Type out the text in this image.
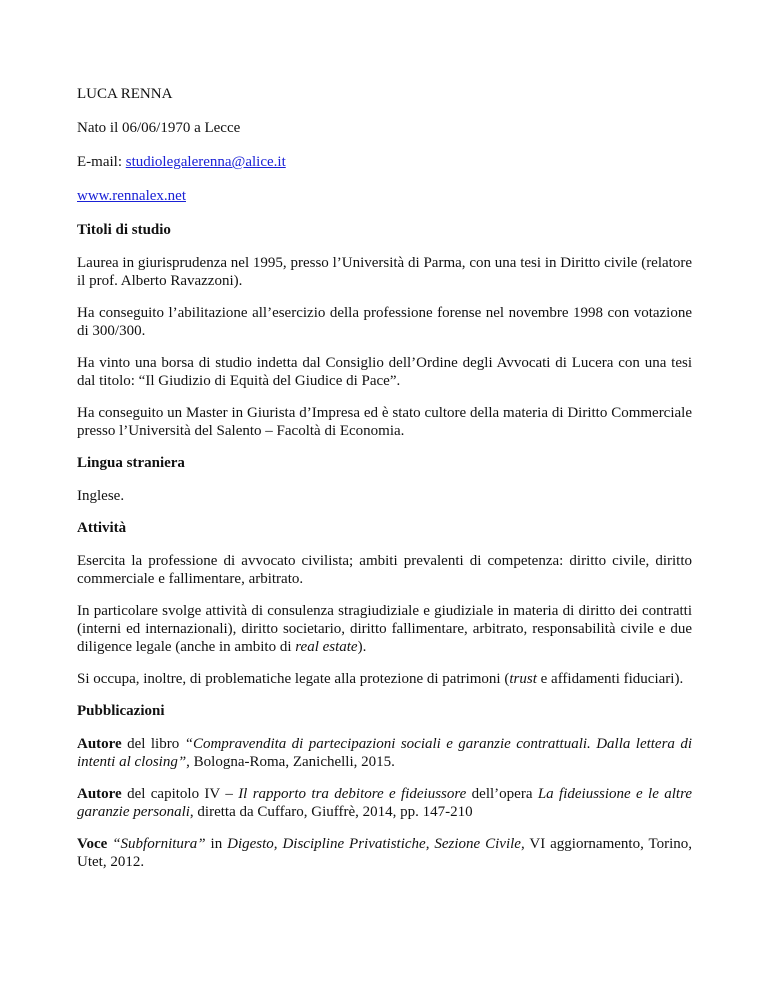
LUCA RENNA

Nato il 06/06/1970 a Lecce

E-mail: studiolegalerenna@alice.it

www.rennalex.net

Titoli di studio

Laurea in giurisprudenza nel 1995, presso l’Università di Parma, con una tesi in Diritto civile (relatore il prof. Alberto Ravazzoni).

Ha conseguito l’abilitazione all’esercizio della professione forense nel novembre 1998 con votazione di 300/300.

Ha vinto una borsa di studio indetta dal Consiglio dell’Ordine degli Avvocati di Lucera con una tesi dal titolo: “Il Giudizio di Equità del Giudice di Pace”.

Ha conseguito un Master in Giurista d’Impresa ed è stato cultore della materia di Diritto Commerciale presso l’Università del Salento – Facoltà di Economia.

Lingua straniera

Inglese.

Attività

Esercita la professione di avvocato civilista; ambiti prevalenti di competenza: diritto civile, diritto commerciale e fallimentare, arbitrato.

In particolare svolge attività di consulenza stragiudiziale e giudiziale in materia di diritto dei contratti (interni ed internazionali), diritto societario, diritto fallimentare, arbitrato, responsabilità civile e due diligence legale (anche in ambito di real estate).

Si occupa, inoltre, di problematiche legate alla protezione di patrimoni (trust e affidamenti fiduciari).

Pubblicazioni

Autore del libro “Compravendita di partecipazioni sociali e garanzie contrattuali. Dalla lettera di intenti al closing”, Bologna-Roma, Zanichelli, 2015.

Autore del capitolo IV – Il rapporto tra debitore e fideiussore dell’opera La fideiussione e le altre garanzie personali, diretta da Cuffaro, Giuffrè, 2014, pp. 147-210

Voce “Subfornitura” in Digesto, Discipline Privatistiche, Sezione Civile, VI aggiornamento, Torino, Utet, 2012.
